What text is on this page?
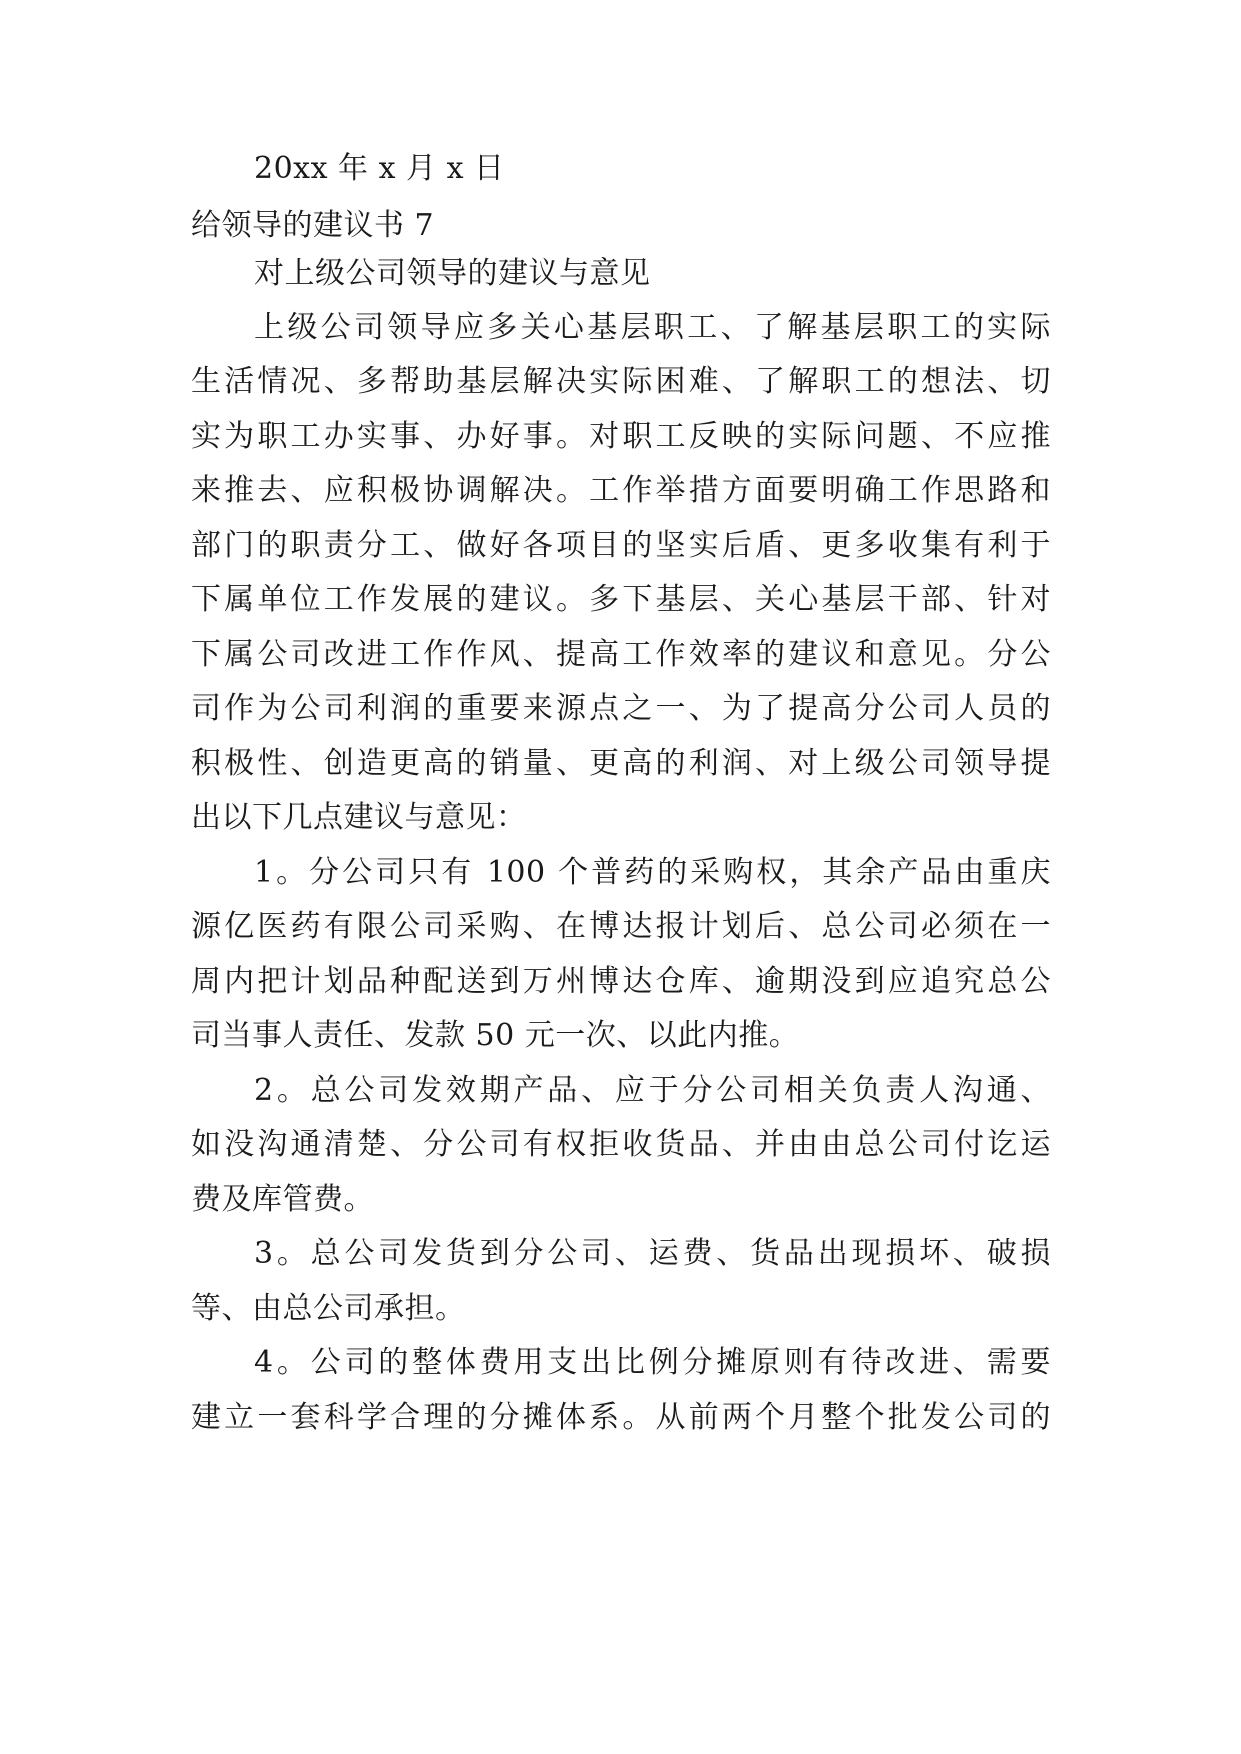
20xx 年 x 月 x 日
给领导的建议书 7
对上级公司领导的建议与意见
上级公司领导应多关心基层职工、了解基层职工的实际
生活情况、多帮助基层解决实际困难、了解职工的想法、切
实为职工办实事、办好事。对职工反映的实际问题、不应推
来推去、应积极协调解决。工作举措方面要明确工作思路和
部门的职责分工、做好各项目的坚实后盾、更多收集有利于
下属单位工作发展的建议。多下基层、关心基层干部、针对
下属公司改进工作作风、提高工作效率的建议和意见。分公
司作为公司利润的重要来源点之一、为了提高分公司人员的
积极性、创造更高的销量、更高的利润、对上级公司领导提
出以下几点建议与意见：
1。分公司只有 100 个普药的采购权，其余产品由重庆
源亿医药有限公司采购、在博达报计划后、总公司必须在一
周内把计划品种配送到万州博达仓库、逾期没到应追究总公
司当事人责任、发款 50 元一次、以此内推。
2。总公司发效期产品、应于分公司相关负责人沟通、
如没沟通清楚、分公司有权拒收货品、并由由总公司付讫运
费及库管费。
3。总公司发货到分公司、运费、货品出现损坏、破损
等、由总公司承担。
4。公司的整体费用支出比例分摊原则有待改进、需要
建立一套科学合理的分摊体系。从前两个月整个批发公司的
